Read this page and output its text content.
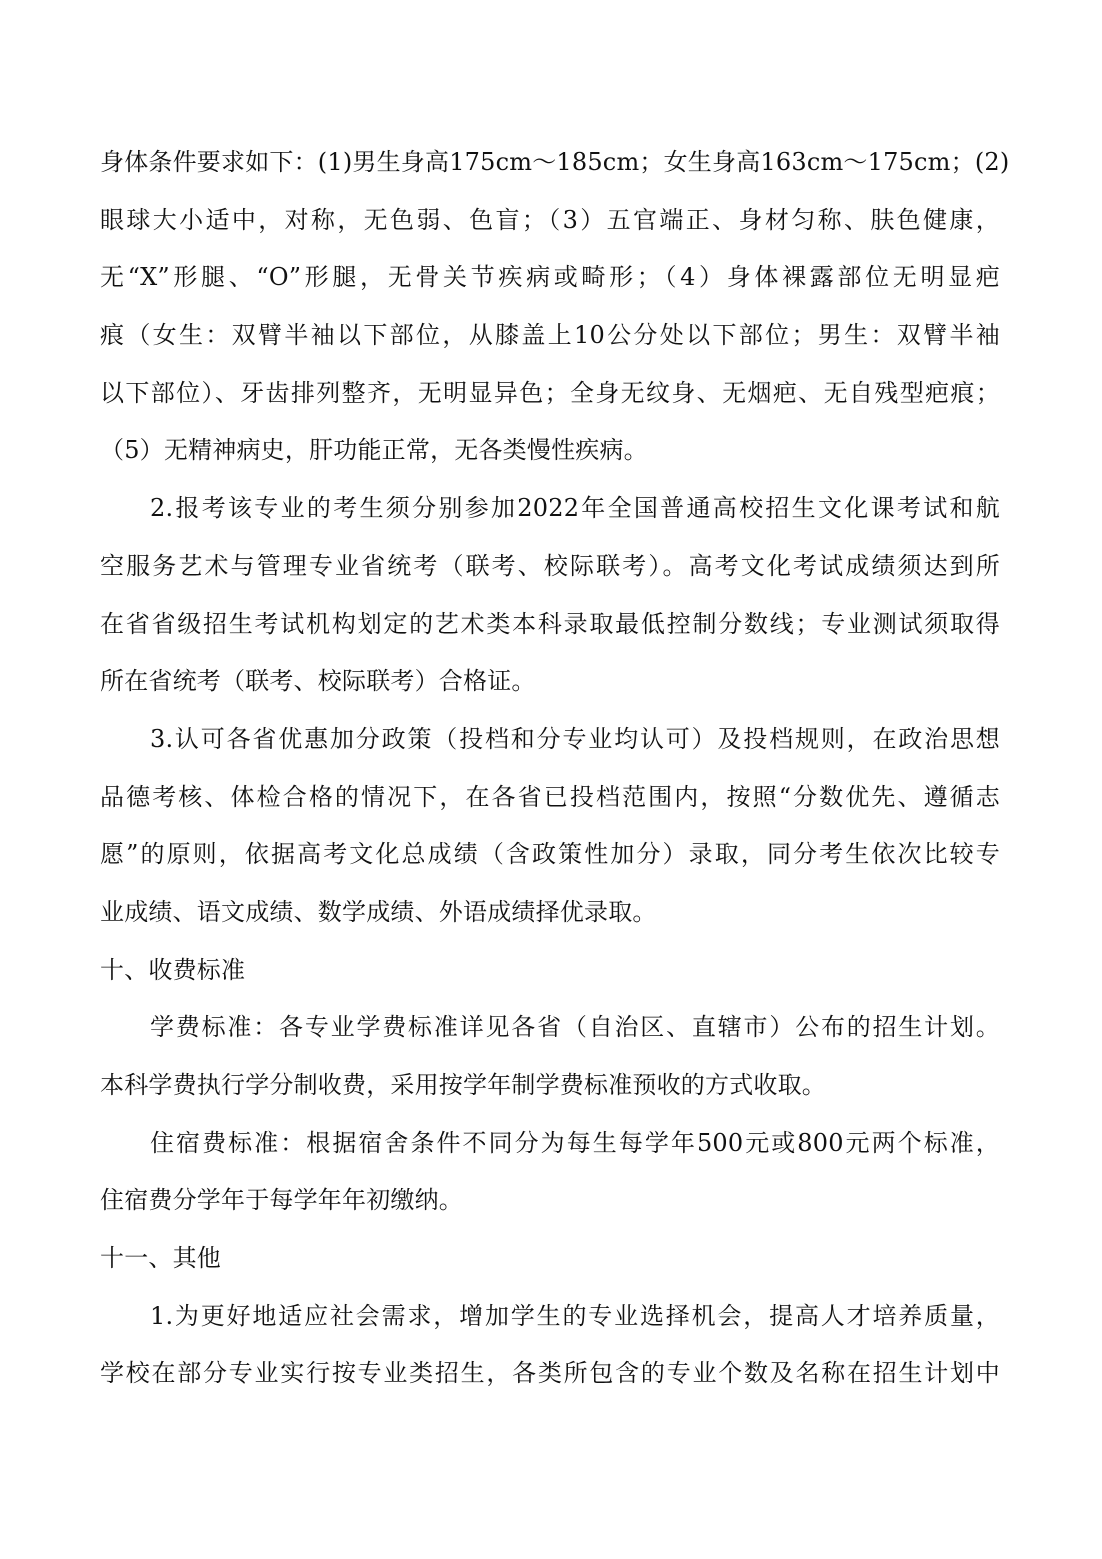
身体条件要求如下：(1)男生身高175cm～185cm；女生身高163cm～175cm；(2)
眼球大小适中，对称，无色弱、色盲；（3）五官端正、身材匀称、肤色健康，
无“X”形腿、“O”形腿，无骨关节疾病或畸形；（4）身体裸露部位无明显疤
痕（女生：双臂半袖以下部位，从膝盖上10公分处以下部位；男生：双臂半袖
以下部位）、牙齿排列整齐，无明显异色；全身无纹身、无烟疤、无自残型疤痕；
（5）无精神病史，肝功能正常，无各类慢性疾病。
2.报考该专业的考生须分别参加2022年全国普通高校招生文化课考试和航
空服务艺术与管理专业省统考（联考、校际联考）。高考文化考试成绩须达到所
在省省级招生考试机构划定的艺术类本科录取最低控制分数线；专业测试须取得
所在省统考（联考、校际联考）合格证。
3.认可各省优惠加分政策（投档和分专业均认可）及投档规则，在政治思想
品德考核、体检合格的情况下，在各省已投档范围内，按照“分数优先、遵循志
愿”的原则，依据高考文化总成绩（含政策性加分）录取，同分考生依次比较专
业成绩、语文成绩、数学成绩、外语成绩择优录取。
十、收费标准
学费标准：各专业学费标准详见各省（自治区、直辖市）公布的招生计划。
本科学费执行学分制收费，采用按学年制学费标准预收的方式收取。
住宿费标准：根据宿舍条件不同分为每生每学年500元或800元两个标准，
住宿费分学年于每学年年初缴纳。
十一、其他
1.为更好地适应社会需求，增加学生的专业选择机会，提高人才培养质量，
学校在部分专业实行按专业类招生，各类所包含的专业个数及名称在招生计划中
